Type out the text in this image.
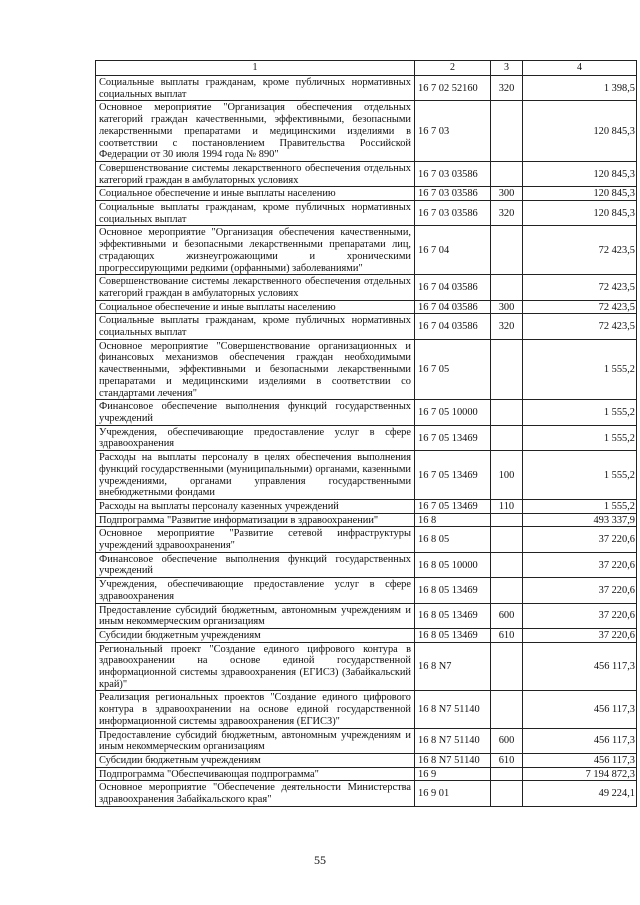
1	2	3	4
Социальные выплаты гражданам, кроме публичных нормативных социальных выплат	16 7 02 52160	320	1 398,5
Основное мероприятие "Организация обеспечения отдельных категорий граждан качественными, эффективными, безопасными лекарственными препаратами и медицинскими изделиями в соответствии с постановлением Правительства Российской Федерации от 30 июля 1994 года № 890"	16 7 03		120 845,3
Совершенствование системы лекарственного обеспечения отдельных категорий граждан в амбулаторных условиях	16 7 03 03586		120 845,3
Социальное обеспечение и иные выплаты населению	16 7 03 03586	300	120 845,3
Социальные выплаты гражданам, кроме публичных нормативных социальных выплат	16 7 03 03586	320	120 845,3
Основное мероприятие "Организация обеспечения качественными, эффективными и безопасными лекарственными препаратами лиц, страдающих жизнеугрожающими и хроническими прогрессирующими редкими (орфанными) заболеваниями"	16 7 04		72 423,5
Совершенствование системы лекарственного обеспечения отдельных категорий граждан в амбулаторных условиях	16 7 04 03586		72 423,5
Социальное обеспечение и иные выплаты населению	16 7 04 03586	300	72 423,5
Социальные выплаты гражданам, кроме публичных нормативных социальных выплат	16 7 04 03586	320	72 423,5
Основное мероприятие "Совершенствование организационных и финансовых механизмов обеспечения граждан необходимыми качественными, эффективными и безопасными лекарственными препаратами и медицинскими изделиями в соответствии со стандартами лечения"	16 7 05		1 555,2
Финансовое обеспечение выполнения функций государственных учреждений	16 7 05 10000		1 555,2
Учреждения, обеспечивающие предоставление услуг в сфере здравоохранения	16 7 05 13469		1 555,2
Расходы на выплаты персоналу в целях обеспечения выполнения функций государственными (муниципальными) органами, казенными учреждениями, органами управления государственными внебюджетными фондами	16 7 05 13469	100	1 555,2
Расходы на выплаты персоналу казенных учреждений	16 7 05 13469	110	1 555,2
Подпрограмма "Развитие информатизации в здравоохранении"	16 8		493 337,9
Основное мероприятие "Развитие сетевой инфраструктуры учреждений здравоохранения"	16 8 05		37 220,6
Финансовое обеспечение выполнения функций государственных учреждений	16 8 05 10000		37 220,6
Учреждения, обеспечивающие предоставление услуг в сфере здравоохранения	16 8 05 13469		37 220,6
Предоставление субсидий бюджетным, автономным учреждениям и иным некоммерческим организациям	16 8 05 13469	600	37 220,6
Субсидии бюджетным учреждениям	16 8 05 13469	610	37 220,6
Региональный проект "Создание единого цифрового контура в здравоохранении на основе единой государственной информационной системы здравоохранения (ЕГИСЗ) (Забайкальский край)"	16 8 N7		456 117,3
Реализация региональных проектов "Создание единого цифрового контура в здравоохранении на основе единой государственной информационной системы здравоохранения (ЕГИСЗ)"	16 8 N7 51140		456 117,3
Предоставление субсидий бюджетным, автономным учреждениям и иным некоммерческим организациям	16 8 N7 51140	600	456 117,3
Субсидии бюджетным учреждениям	16 8 N7 51140	610	456 117,3
Подпрограмма "Обеспечивающая подпрограмма"	16 9		7 194 872,3
Основное мероприятие "Обеспечение деятельности Министерства здравоохранения Забайкальского края"	16 9 01		49 224,1
55
